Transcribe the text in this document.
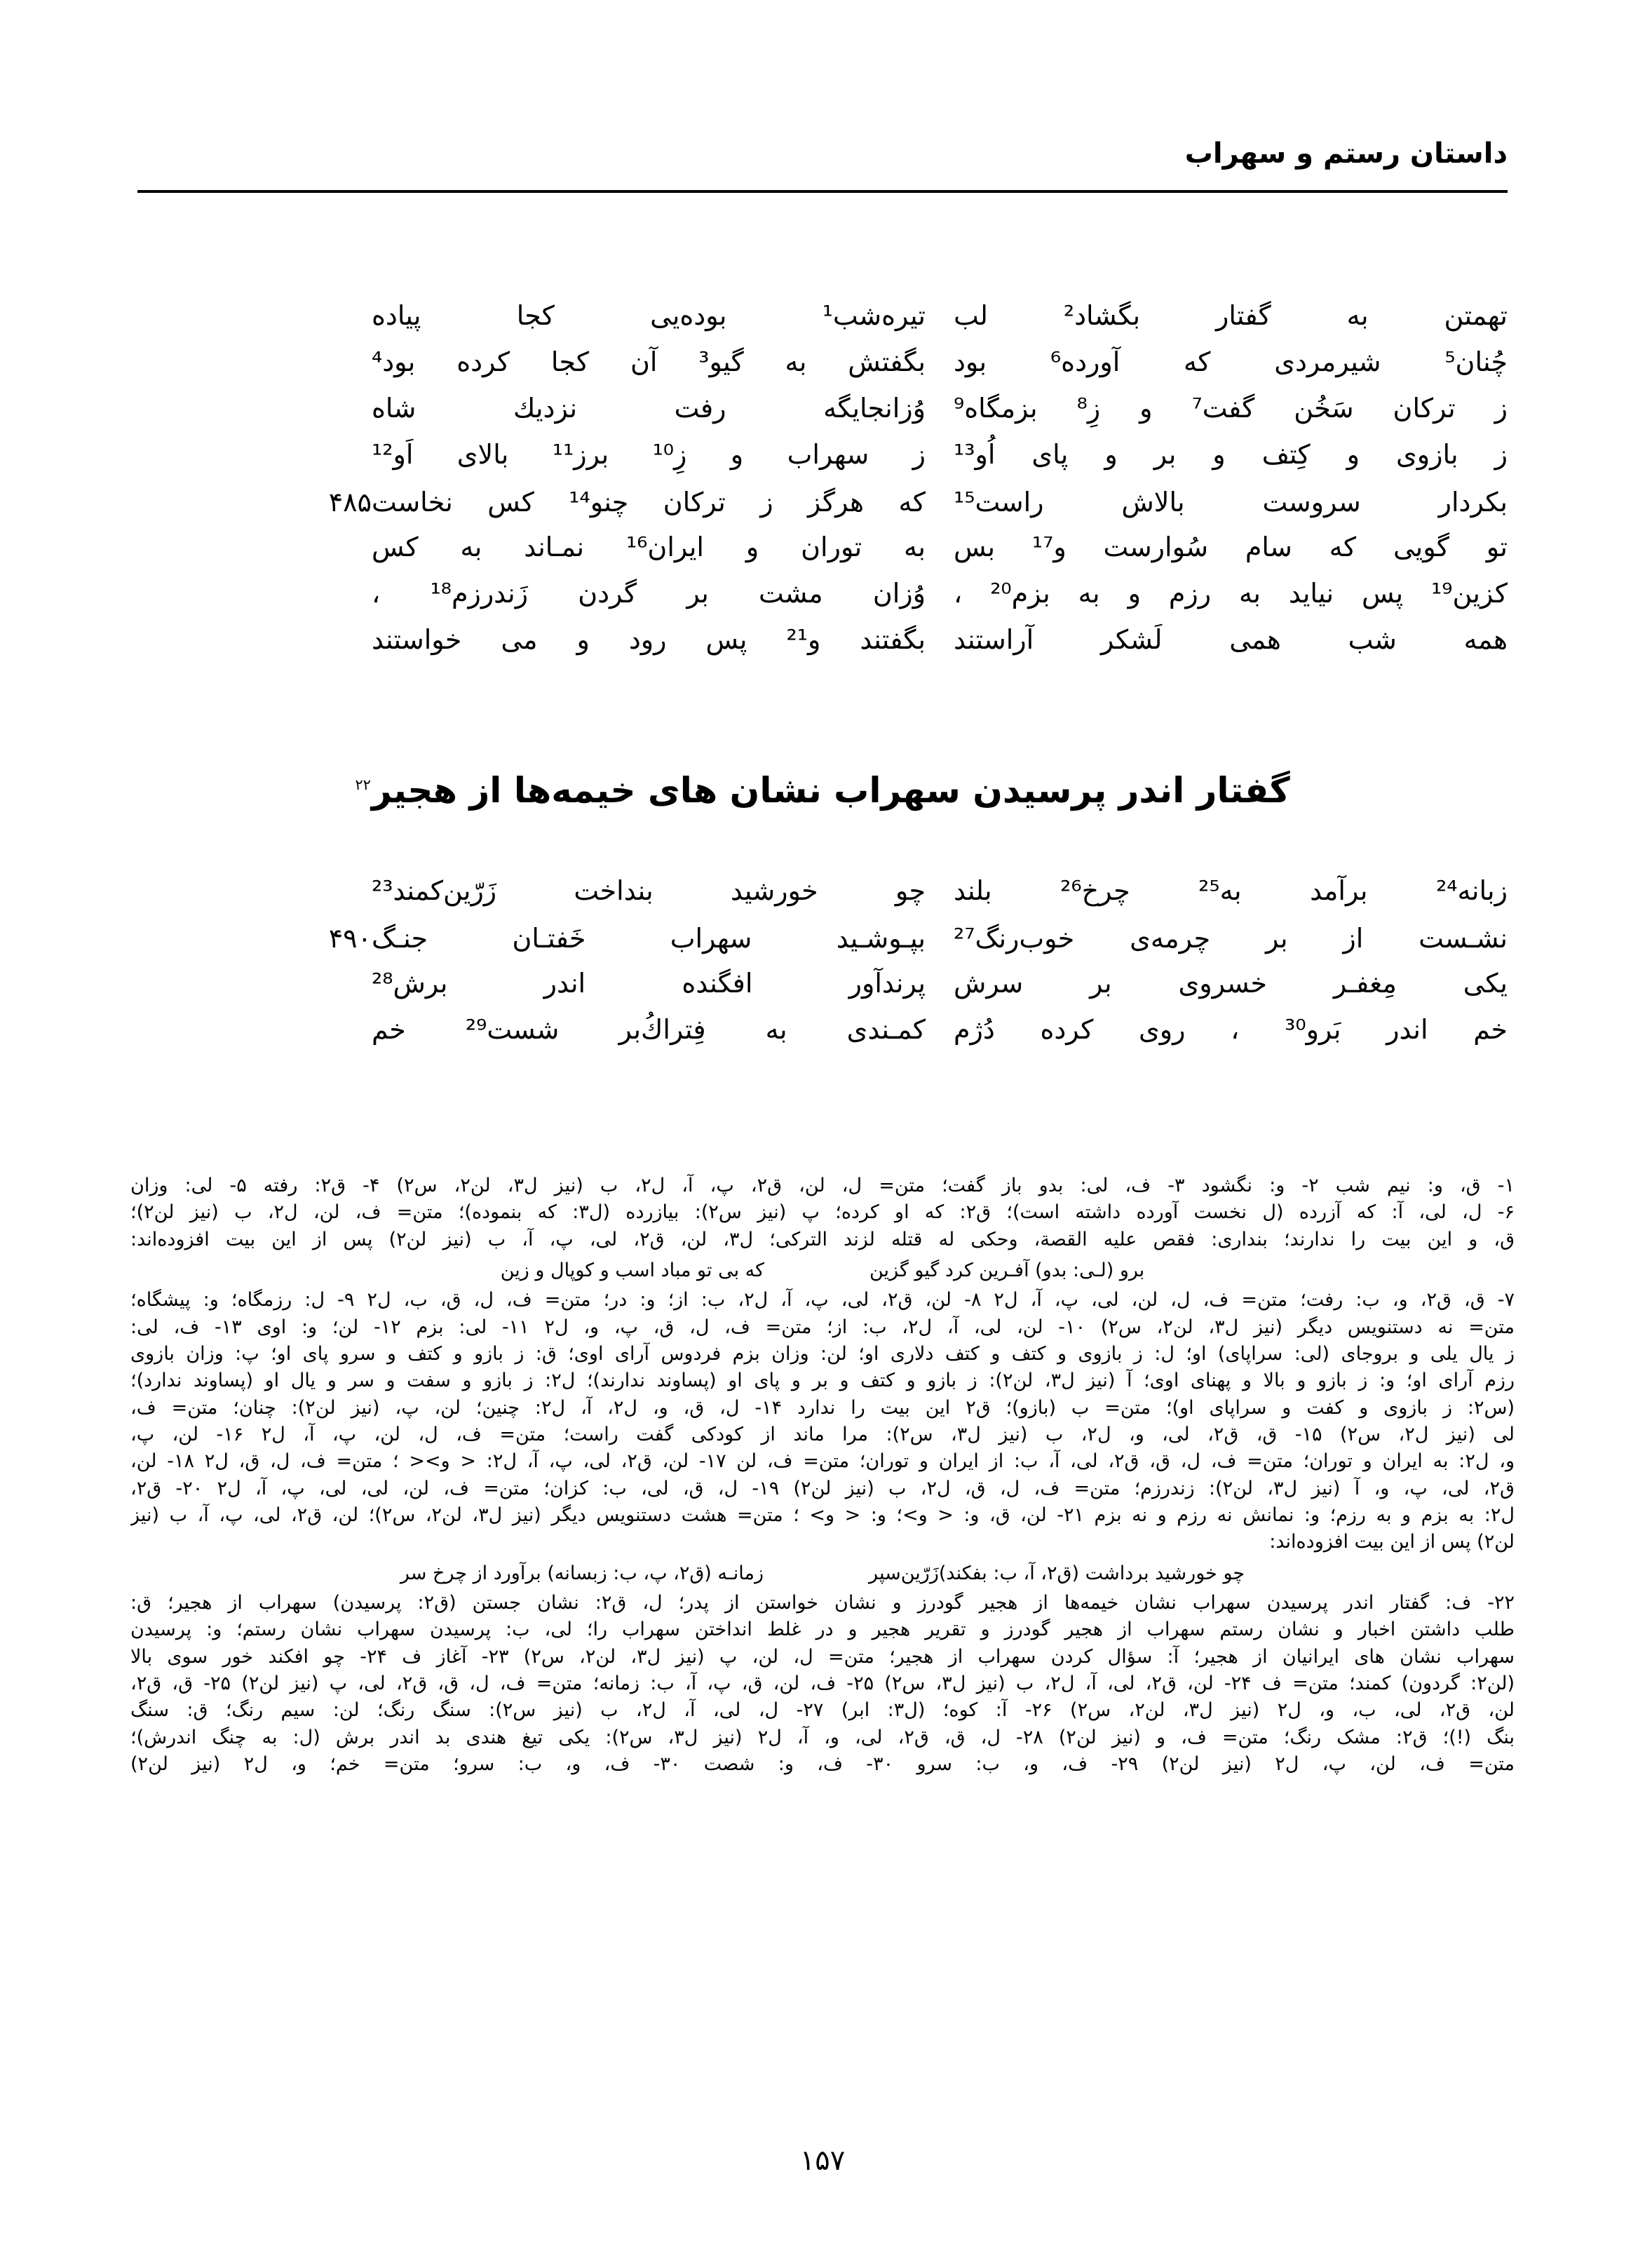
داستان رستم و سهراب
تهمتن به گفتار بگشاد² لب
تیره‌شب¹ بوده‌یی کجا پیاده
چُنان⁵ شیرمردی که آورده⁶ بود
بگفتش به گیو³ آن کجا کرده بود⁴
ز ترکان سَخُن گفت⁷ و زِ⁸ بزمگاه⁹
وُزانجایگه رفت نزدیك شاه
ز بازوی و کِتف و بر و پای اُو¹³
ز سهراب و زِ¹⁰ برز¹¹ بالای اَو¹²
بکردار سروست بالاش راست¹⁵
که هرگز ز ترکان چنو¹⁴ کس نخاست
۴۸۵
تو گویی که سام سُوارست و¹⁷ بس
به توران و ایران¹⁶ نمـاند به کس
کزین¹⁹ پس نیاید به رزم و به بزم²⁰ ،
وُزان مشت بر گردن زَندرزم¹⁸ ،
همه شب همی لَشکر آراستند
بگفتند و²¹ پس رود و می خواستند
گفتار اندر پرسیدن سهراب نشان های خیمه‌ها از هجیر$^{۲۲}$
زبانه²⁴ برآمد به²⁵ چرخ²⁶ بلند
چو خورشید بنداخت زَرّین‌کمند²³
نشـست از بر چرمه‌ی خوب‌رنگ²⁷
بپـوشـید سهراب خَفتـان جنـگ
۴۹۰
یکی مِغفـر خسروی بر سرش
پرندآور افگنده اندر برش²⁸
خم اندر بَرو³⁰ ، روی کرده دُژم
کمـندی به فِتراكُ‌بر شست²⁹ خم
۱- ق، و: نیم شب ۲- و: نگشود ۳- ف، لی: بدو باز گفت؛ متن= ل، لن، ق۲، پ، آ، ل۲، ب (نیز ل۳، لن۲، س۲) ۴- ق۲: رفته ۵- لی: وزان
۶- ل، لی، آ: که آزرده (ل نخست آورده داشته است)؛ ق۲: که او کرده؛ پ (نیز س۲): بیازرده (ل۳: که بنموده)؛ متن= ف، لن، ل۲، ب (نیز لن۲)؛
ق، و این بیت را ندارند؛ بنداری: فقص علیه القصة، وحکی له قتله لزند الترکی؛ ل۳، لن، ق۲، لی، پ، آ، ب (نیز لن۲) پس از این بیت افزوده‌اند:
برو (لـی: بدو) آفـرین کرد گیو گزینکه بی تو مباد اسب و کوپال و زین
۷- ق، ق۲، و، ب: رفت؛ متن= ف، ل، لن، لی، پ، آ، ل۲ ۸- لن، ق۲، لی، پ، آ، ل۲، ب: از؛ و: در؛ متن= ف، ل، ق، ب، ل۲ ۹- ل: رزمگاه؛ و: پیشگاه؛
متن= نه دستنویس دیگر (نیز ل۳، لن۲، س۲) ۱۰- لن، لی، آ، ل۲، ب: از؛ متن= ف، ل، ق، پ، و، ل۲ ۱۱- لی: بزم ۱۲- لن؛ و: اوی ۱۳- ف، لی:
ز یال یلی و بروجای (لی: سراپای) او؛ ل: ز بازوی و کتف و کتف دلاری او؛ لن: وزان بزم فردوس آرای اوی؛ ق: ز بازو و کتف و سرو پای او؛ پ: وزان بازوی
رزم آرای او؛ و: ز بازو و بالا و پهنای اوی؛ آ (نیز ل۳، لن۲): ز بازو و کتف و بر و پای او (پساوند ندارند)؛ ل۲: ز بازو و سفت و سر و یال او (پساوند ندارد)؛
(س۲: ز بازوی و کفت و سراپای او)؛ متن= ب (بازو)؛ ق۲ این بیت را ندارد ۱۴- ل، ق، و، ل۲، آ، ل۲: چنین؛ لن، پ، (نیز لن۲): چنان؛ متن= ف،
لی (نیز ل۲، س۲) ۱۵- ق، ق۲، لی، و، ل۲، ب (نیز ل۳، س۲): مرا ماند از کودکی گفت راست؛ متن= ف، ل، لن، پ، آ، ل۲ ۱۶- لن، پ،
و، ل۲: به ایران و توران؛ متن= ف، ل، ق، ق۲، لی، آ، ب: از ایران و توران؛ متن= ف، لن ۱۷- لن، ق۲، لی، پ، آ، ل۲: < و>< ؛ متن= ف، ل، ق، ل۲ ۱۸- لن،
ق۲، لی، پ، و، آ (نیز ل۳، لن۲): زندرزم؛ متن= ف، ل، ق، ل۲، ب (نیز لن۲) ۱۹- ل، ق، لی، ب: کزان؛ متن= ف، لن، لی، لی، پ، آ، ل۲ ۲۰- ق۲،
ل۲: به بزم و به رزم؛ و: نمانش نه رزم و نه بزم ۲۱- لن، ق، و: < و>؛ و: < و> ؛ متن= هشت دستنویس دیگر (نیز ل۳، لن۲، س۲)؛ لن، ق۲، لی، پ، آ، ب (نیز
لن۲) پس از این بیت افزوده‌اند:
چو خورشید برداشت (ق۲، آ، ب: بفکند)زَرّین‌سپرزمانـه (ق۲، پ، ب: زبسانه) برآورد از چرخ سر
۲۲- ف: گفتار اندر پرسیدن سهراب نشان خیمه‌ها از هجیر گودرز و نشان خواستن از پدر؛ ل، ق۲: نشان جستن (ق۲: پرسیدن) سهراب از هجیر؛ ق:
طلب داشتن اخبار و نشان رستم سهراب از هجیر گودرز و تقریر هجیر و در غلط انداختن سهراب را؛ لی، ب: پرسیدن سهراب نشان رستم؛ و: پرسیدن
سهراب نشان های ایرانیان از هجیر؛ آ: سؤال کردن سهراب از هجیر؛ متن= ل، لن، پ (نیز ل۳، لن۲، س۲) ۲۳- آغاز ف ۲۴- چو افکند خور سوی بالا
(لن۲: گردون) کمند؛ متن= ف ۲۴- لن، ق۲، لی، آ، ل۲، ب (نیز ل۳، س۲) ۲۵- ف، لن، ق، پ، آ، ب: زمانه؛ متن= ف، ل، ق، ق۲، لی، پ (نیز لن۲) ۲۵- ق، ق۲،
لن، ق۲، لی، ب، و، ل۲ (نیز ل۳، لن۲، س۲) ۲۶- آ: کوه؛ (ل۳: ابر) ۲۷- ل، لی، آ، ل۲، ب (نیز س۲): سنگ رنگ؛ لن: سیم رنگ؛ ق: سنگ
بنگ (!)؛ ق۲: مشک رنگ؛ متن= ف، و (نیز لن۲) ۲۸- ل، ق، ق۲، لی، و، آ، ل۲ (نیز ل۳، س۲): یکی تیغ هندی بد اندر برش (ل: به چنگ اندرش)؛
متن= ف، لن، پ، ل۲ (نیز لن۲) ۲۹- ف، و، ب: سرو ۳۰- ف، و: شصت ۳۰- ف، و، ب: سرو؛ متن= خم؛ و، ل۲ (نیز لن۲)
۱۵۷
